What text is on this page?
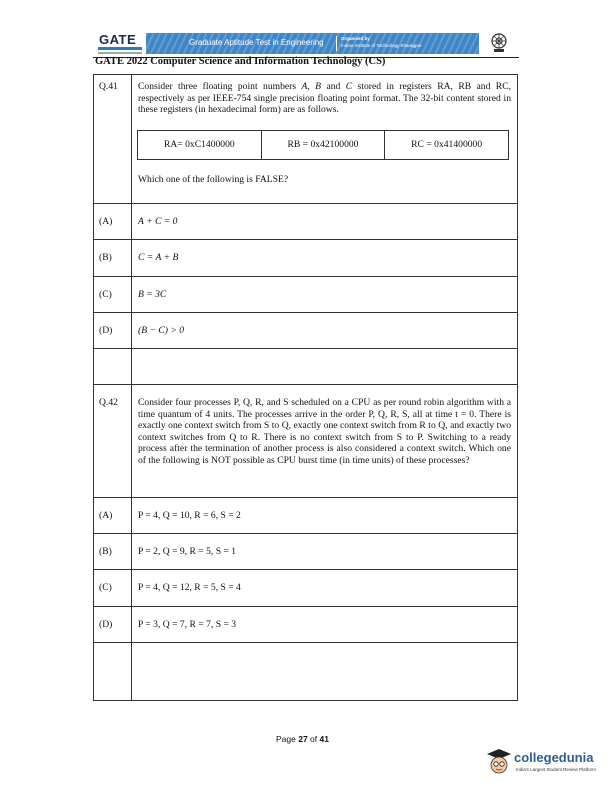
GATE	Graduate Aptitude Test in Engineering	Organised by
Indian Institute of Technology Kharagpur
GATE 2022 Computer Science and Information Technology (CS)
Q.41	Consider three floating point numbers A, B and C stored in registers RA, RB and RC, respectively as per IEEE-754 single precision floating point format. The 32-bit content stored in these registers (in hexadecimal form) are as follows.
RA= 0xC1400000	RB = 0x42100000	RC = 0x41400000
Which one of the following is FALSE?

(A)	A + C = 0

(B)	C = A + B

(C)	B = 3C

(D)	(B − C) > 0

Q.42	Consider four processes P, Q, R, and S scheduled on a CPU as per round robin algorithm with a time quantum of 4 units. The processes arrive in the order P, Q, R, S, all at time t = 0. There is exactly one context switch from S to Q, exactly one context switch from R to Q, and exactly two context switches from Q to R. There is no context switch from S to P. Switching to a ready process after the termination of another process is also considered a context switch. Which one of the following is NOT possible as CPU burst time (in time units) of these processes?

(A)	P = 4, Q = 10, R = 6, S = 2

(B)	P = 2, Q = 9, R = 5, S = 1

(C)	P = 4, Q = 12, R = 5, S = 4

(D)	P = 3, Q = 7, R = 7, S = 3

Page 27 of 41
collegedunia
India's Largest Student Review Platform
